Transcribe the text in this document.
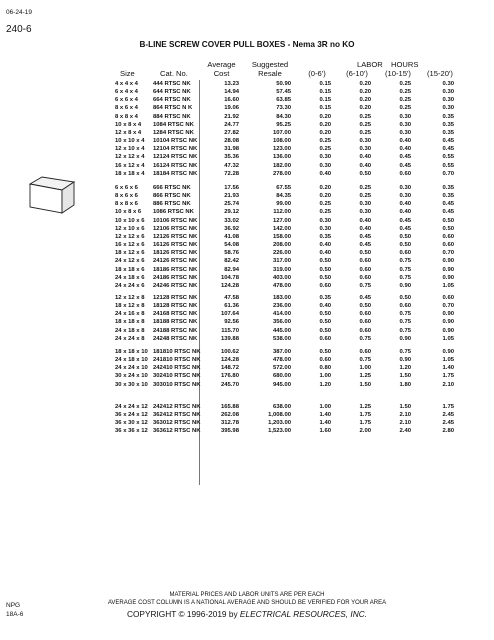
06-24-19
240-6
B-LINE SCREW COVER PULL BOXES - Nema 3R no KO
Average	Suggested	LABOR HOURS
Size	Cat. No.	Cost	Resale	(0-6')	(6-10')	(10-15')	(15-20')
4 x 4 x 4	444 RTSC NK	13.23	50.90	0.15	0.20	0.25	0.30
6 x 4 x 4	644 RTSC NK	14.94	57.45	0.15	0.20	0.25	0.30
6 x 6 x 4	664 RTSC NK	16.60	63.85	0.15	0.20	0.25	0.30
8 x 6 x 4	864 RTSC N K	19.06	73.30	0.15	0.20	0.25	0.30
8 x 8 x 4	884 RTSC NK	21.92	84.30	0.20	0.25	0.30	0.35
10 x 8 x 4 1084 RTSC NK	24.77	95.25	0.20	0.25	0.30	0.35
12 x 8 x 4 1284 RTSC NK	27.82	107.00	0.20	0.25	0.30	0.35
10 x 10 x 4 10104 RTSC NK	28.08	108.00	0.25	0.30	0.40	0.45
12 x 10 x 4 12104 RTSC NK	31.98	123.00	0.25	0.30	0.40	0.45
12 x 12 x 4 12124 RTSC NK	35.36	136.00	0.30	0.40	0.45	0.55
16 x 12 x 4 16124 RTSC NK	47.32	182.00	0.30	0.40	0.45	0.55
18 x 18 x 4 18184 RTSC NK	72.28	278.00	0.40	0.50	0.60	0.70
6 x 6 x 6	666 RTSC NK	17.56	67.55	0.20	0.25	0.30	0.35
8 x 6 x 6	866 RTSC NK	21.93	84.35	0.20	0.25	0.30	0.35
8 x 8 x 6	886 RTSC NK	25.74	99.00	0.25	0.30	0.40	0.45
10 x 8 x 6 1086 RTSC NK	29.12	112.00	0.25	0.30	0.40	0.45
10 x 10 x 6 10106 RTSC NK	33.02	127.00	0.30	0.40	0.45	0.50
12 x 10 x 6 12106 RTSC NK	36.92	142.00	0.30	0.40	0.45	0.50
12 x 12 x 6 12126 RTSC NK	41.08	158.00	0.35	0.45	0.50	0.60
16 x 12 x 6 16126 RTSC NK	54.08	208.00	0.40	0.45	0.50	0.60
18 x 12 x 6 18126 RTSC NK	58.76	226.00	0.40	0.50	0.60	0.70
24 x 12 x 6 24126 RTSC NK	82.42	317.00	0.50	0.60	0.75	0.90
18 x 18 x 6 18186 RTSC NK	82.94	319.00	0.50	0.60	0.75	0.90
24 x 18 x 6 24186 RTSC NK	104.78	403.00	0.50	0.60	0.75	0.90
24 x 24 x 6 24246 RTSC NK	124.28	478.00	0.60	0.75	0.90	1.05
12 x 12 x 8 12128 RTSC NK	47.58	183.00	0.35	0.45	0.50	0.60
18 x 12 x 8 18128 RTSC NK	61.36	236.00	0.40	0.50	0.60	0.70
24 x 16 x 8 24168 RTSC NK	107.64	414.00	0.50	0.60	0.75	0.90
18 x 18 x 8 18188 RTSC NK	92.56	356.00	0.50	0.60	0.75	0.90
24 x 18 x 8 24188 RTSC NK	115.70	445.00	0.50	0.60	0.75	0.90
24 x 24 x 8 24248 RTSC NK	139.88	538.00	0.60	0.75	0.90	1.05
18 x 18 x 10 181810 RTSC NK	100.62	387.00	0.50	0.60	0.75	0.90
24 x 18 x 10 241810 RTSC NK	124.28	478.00	0.60	0.75	0.90	1.05
24 x 24 x 10 242410 RTSC NK	148.72	572.00	0.80	1.00	1.20	1.40
30 x 24 x 10 302410 RTSC NK	176.80	680.00	1.00	1.25	1.50	1.75
30 x 30 x 10 303010 RTSC NK	245.70	945.00	1.20	1.50	1.80	2.10
24 x 24 x 12 242412 RTSC NK	165.88	638.00	1.00	1.25	1.50	1.75
36 x 24 x 12 362412 RTSC NK	262.08	1,008.00	1.40	1.75	2.10	2.45
36 x 30 x 12 363012 RTSC NK	312.78	1,203.00	1.40	1.75	2.10	2.45
36 x 36 x 12 363612 RTSC NK	395.98	1,523.00	1.60	2.00	2.40	2.80
MATERIAL PRICES AND LABOR UNITS ARE PER EACH
AVERAGE COST COLUMN IS A NATIONAL AVERAGE AND SHOULD BE VERIFIED FOR YOUR AREA
COPYRIGHT © 1996-2019 by ELECTRICAL RESOURCES, INC.
NPG
18A-6
